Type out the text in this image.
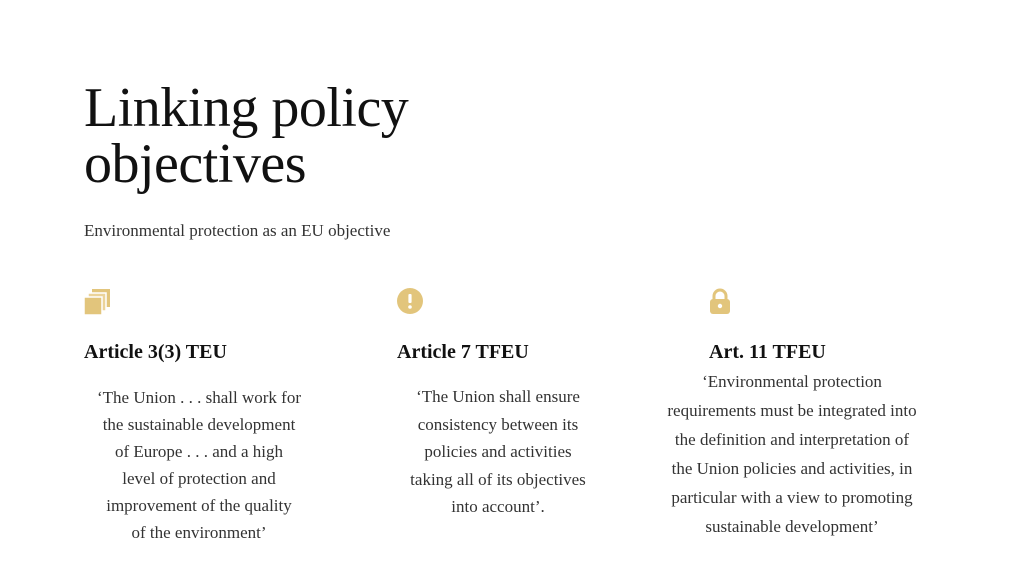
Linking policy
objectives

Environmental protection as an EU objective

Article 3(3) TEU
‘The Union . . . shall work for
the sustainable development
of Europe . . . and a high
level of protection and
improvement of the quality
of the environment’
Article 7 TFEU
‘The Union shall ensure
consistency between its
policies and activities
taking all of its objectives
into account’.
Art. 11 TFEU
‘Environmental protection
requirements must be integrated into
the definition and interpretation of
the Union policies and activities, in
particular with a view to promoting
sustainable development’
